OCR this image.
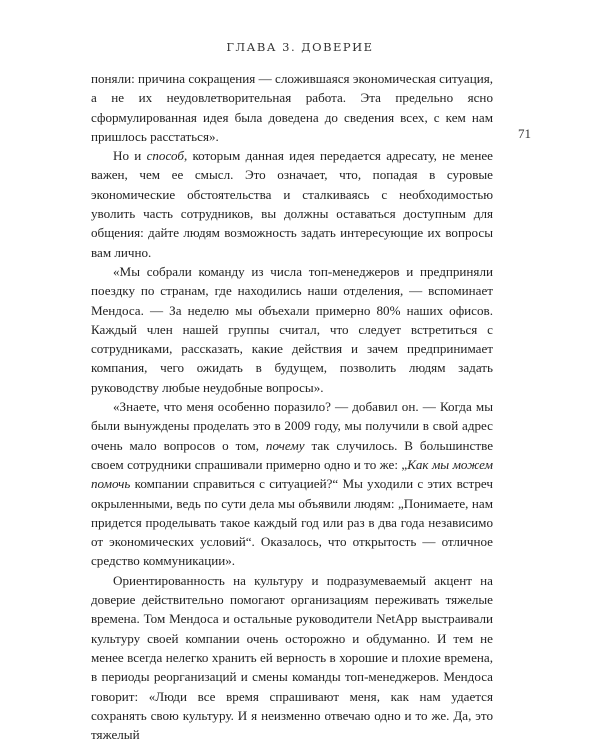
ГЛАВА 3. ДОВЕРИЕ
71

поняли: причина сокращения — сложившаяся экономическая ситуация, а не их неудовлетворительная работа. Эта предельно ясно сформулированная идея была доведена до сведения всех, с кем нам пришлось расстаться».

Но и способ, которым данная идея передается адресату, не менее важен, чем ее смысл. Это означает, что, попадая в суровые экономические обстоятельства и сталкиваясь с необходимостью уволить часть сотрудников, вы должны оставаться доступным для общения: дайте людям возможность задать интересующие их вопросы вам лично.

«Мы собрали команду из числа топ-менеджеров и предприняли поездку по странам, где находились наши отделения, — вспоминает Мендоса. — За неделю мы объехали примерно 80% наших офисов. Каждый член нашей группы считал, что следует встретиться с сотрудниками, рассказать, какие действия и зачем предпринимает компания, чего ожидать в будущем, позволить людям задать руководству любые неудобные вопросы».

«Знаете, что меня особенно поразило? — добавил он. — Когда мы были вынуждены проделать это в 2009 году, мы получили в свой адрес очень мало вопросов о том, почему так случилось. В большинстве своем сотрудники спрашивали примерно одно и то же: „Как мы можем помочь компании справиться с ситуацией?“ Мы уходили с этих встреч окрыленными, ведь по сути дела мы объявили людям: „Понимаете, нам придется проделывать такое каждый год или раз в два года независимо от экономических условий“. Оказалось, что открытость — отличное средство коммуникации».

Ориентированность на культуру и подразумеваемый акцент на доверие действительно помогают организациям переживать тяжелые времена. Том Мендоса и остальные руководители NetApp выстраивали культуру своей компании очень осторожно и обдуманно. И тем не менее всегда нелегко хранить ей верность в хорошие и плохие времена, в периоды реорганизаций и смены команды топ-менеджеров. Мендоса говорит: «Люди все время спрашивают меня, как нам удается сохранять свою культуру. И я неизменно отвечаю одно и то же. Да, это тяжелый
